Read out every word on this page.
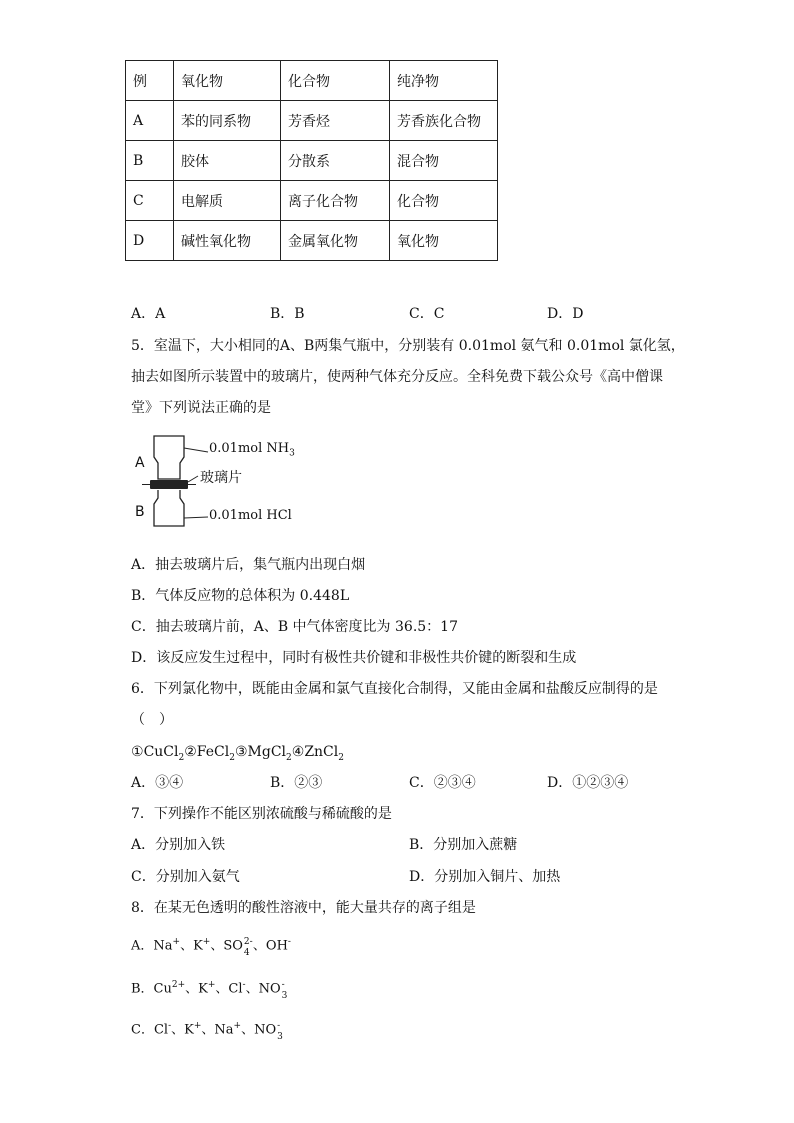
例	氧化物	化合物	纯净物
A	苯的同系物	芳香烃	芳香族化合物
B	胶体	分散系	混合物
C	电解质	离子化合物	化合物
D	碱性氧化物	金属氧化物	氧化物
A．A	B．B	C．C	D．D
5．室温下，大小相同的A、B两集气瓶中，分别装有 0.01mol 氨气和 0.01mol 氯化氢，
抽去如图所示装置中的玻璃片，使两种气体充分反应。全科免费下载公众号《高中僧课
堂》下列说法正确的是
A
B
0.01mol $NH_3$
玻璃片
0.01mol HCl
A．抽去玻璃片后，集气瓶内出现白烟
B．气体反应物的总体积为 0.448L
C．抽去玻璃片前，A、B 中气体密度比为 36.5：17
D．该反应发生过程中，同时有极性共价键和非极性共价键的断裂和生成
6．下列氯化物中，既能由金属和氯气直接化合制得，又能由金属和盐酸反应制得的是
（　）
①CuCl$_2$②FeCl$_2$③MgCl$_2$④ZnCl$_2$
A．③④	B．②③	C．②③④	D．①②③④
7．下列操作不能区别浓硫酸与稀硫酸的是
A．分别加入铁	B．分别加入蔗糖
C．分别加入氨气	D．分别加入铜片、加热
8．在某无色透明的酸性溶液中，能大量共存的离子组是
A．Na+、K+、SO 2-
4 、OH-
B．$Cu^{2+}$、K+、Cl-、NO -
3
C．Cl-、K+、Na+、NO -
3
